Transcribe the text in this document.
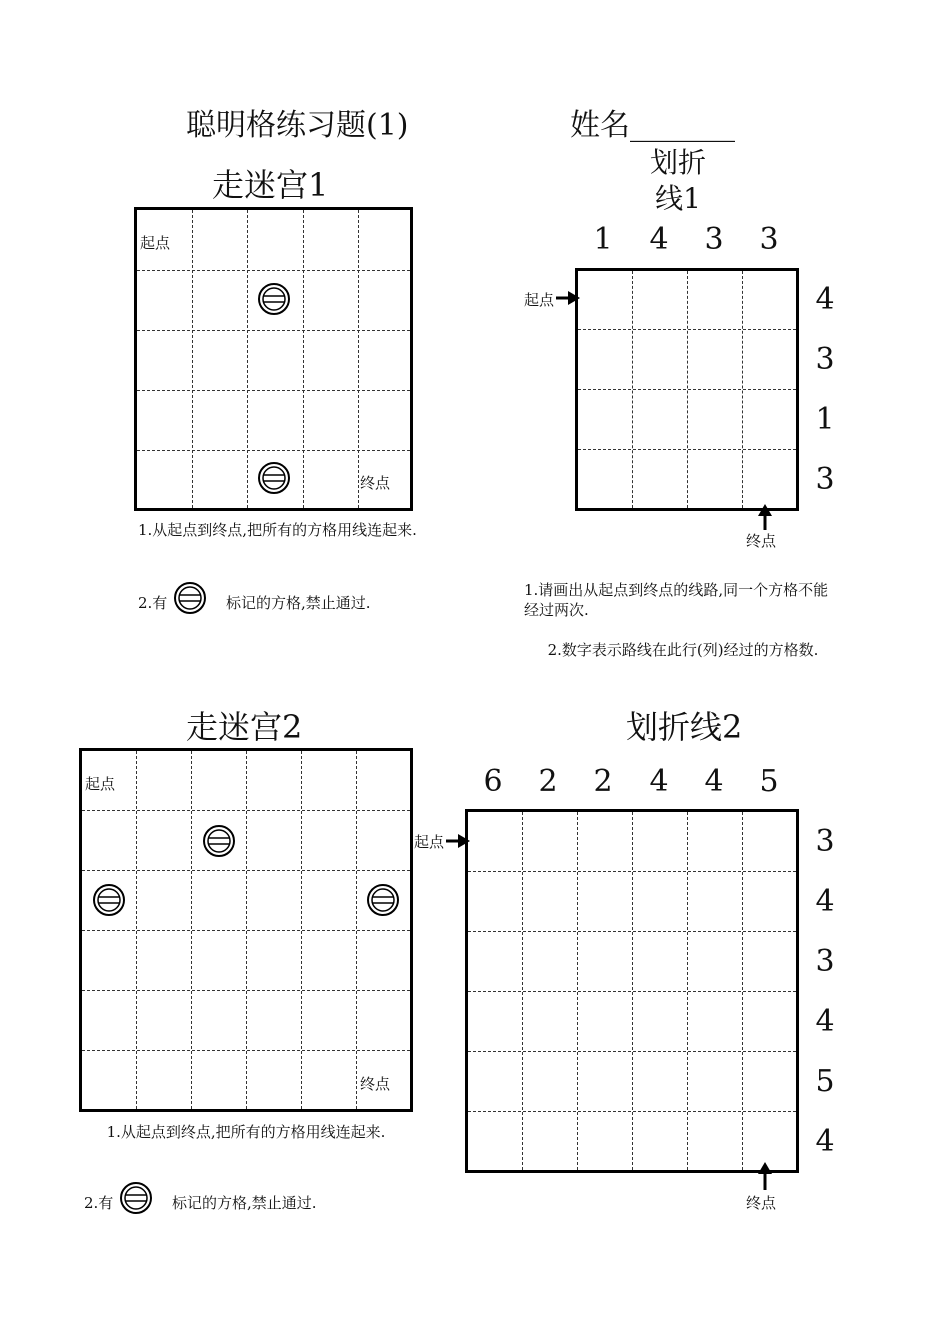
聪明格练习题(1)	姓名_______
走迷宫1
起点
终点
1.从起点到终点,把所有的方格用线连起来.
2.有	标记的方格,禁止通过.
划折
线1
1	4	3	3
4
3
1
3
起点
终点
1.请画出从起点到终点的线路,同一个方格不能经过两次.
2.数字表示路线在此行(列)经过的方格数.
走迷宫2
起点
终点
1.从起点到终点,把所有的方格用线连起来.
2.有	标记的方格,禁止通过.
划折线2
6	2	2	4	4	5
3
4
3
4
5
4
起点
终点
